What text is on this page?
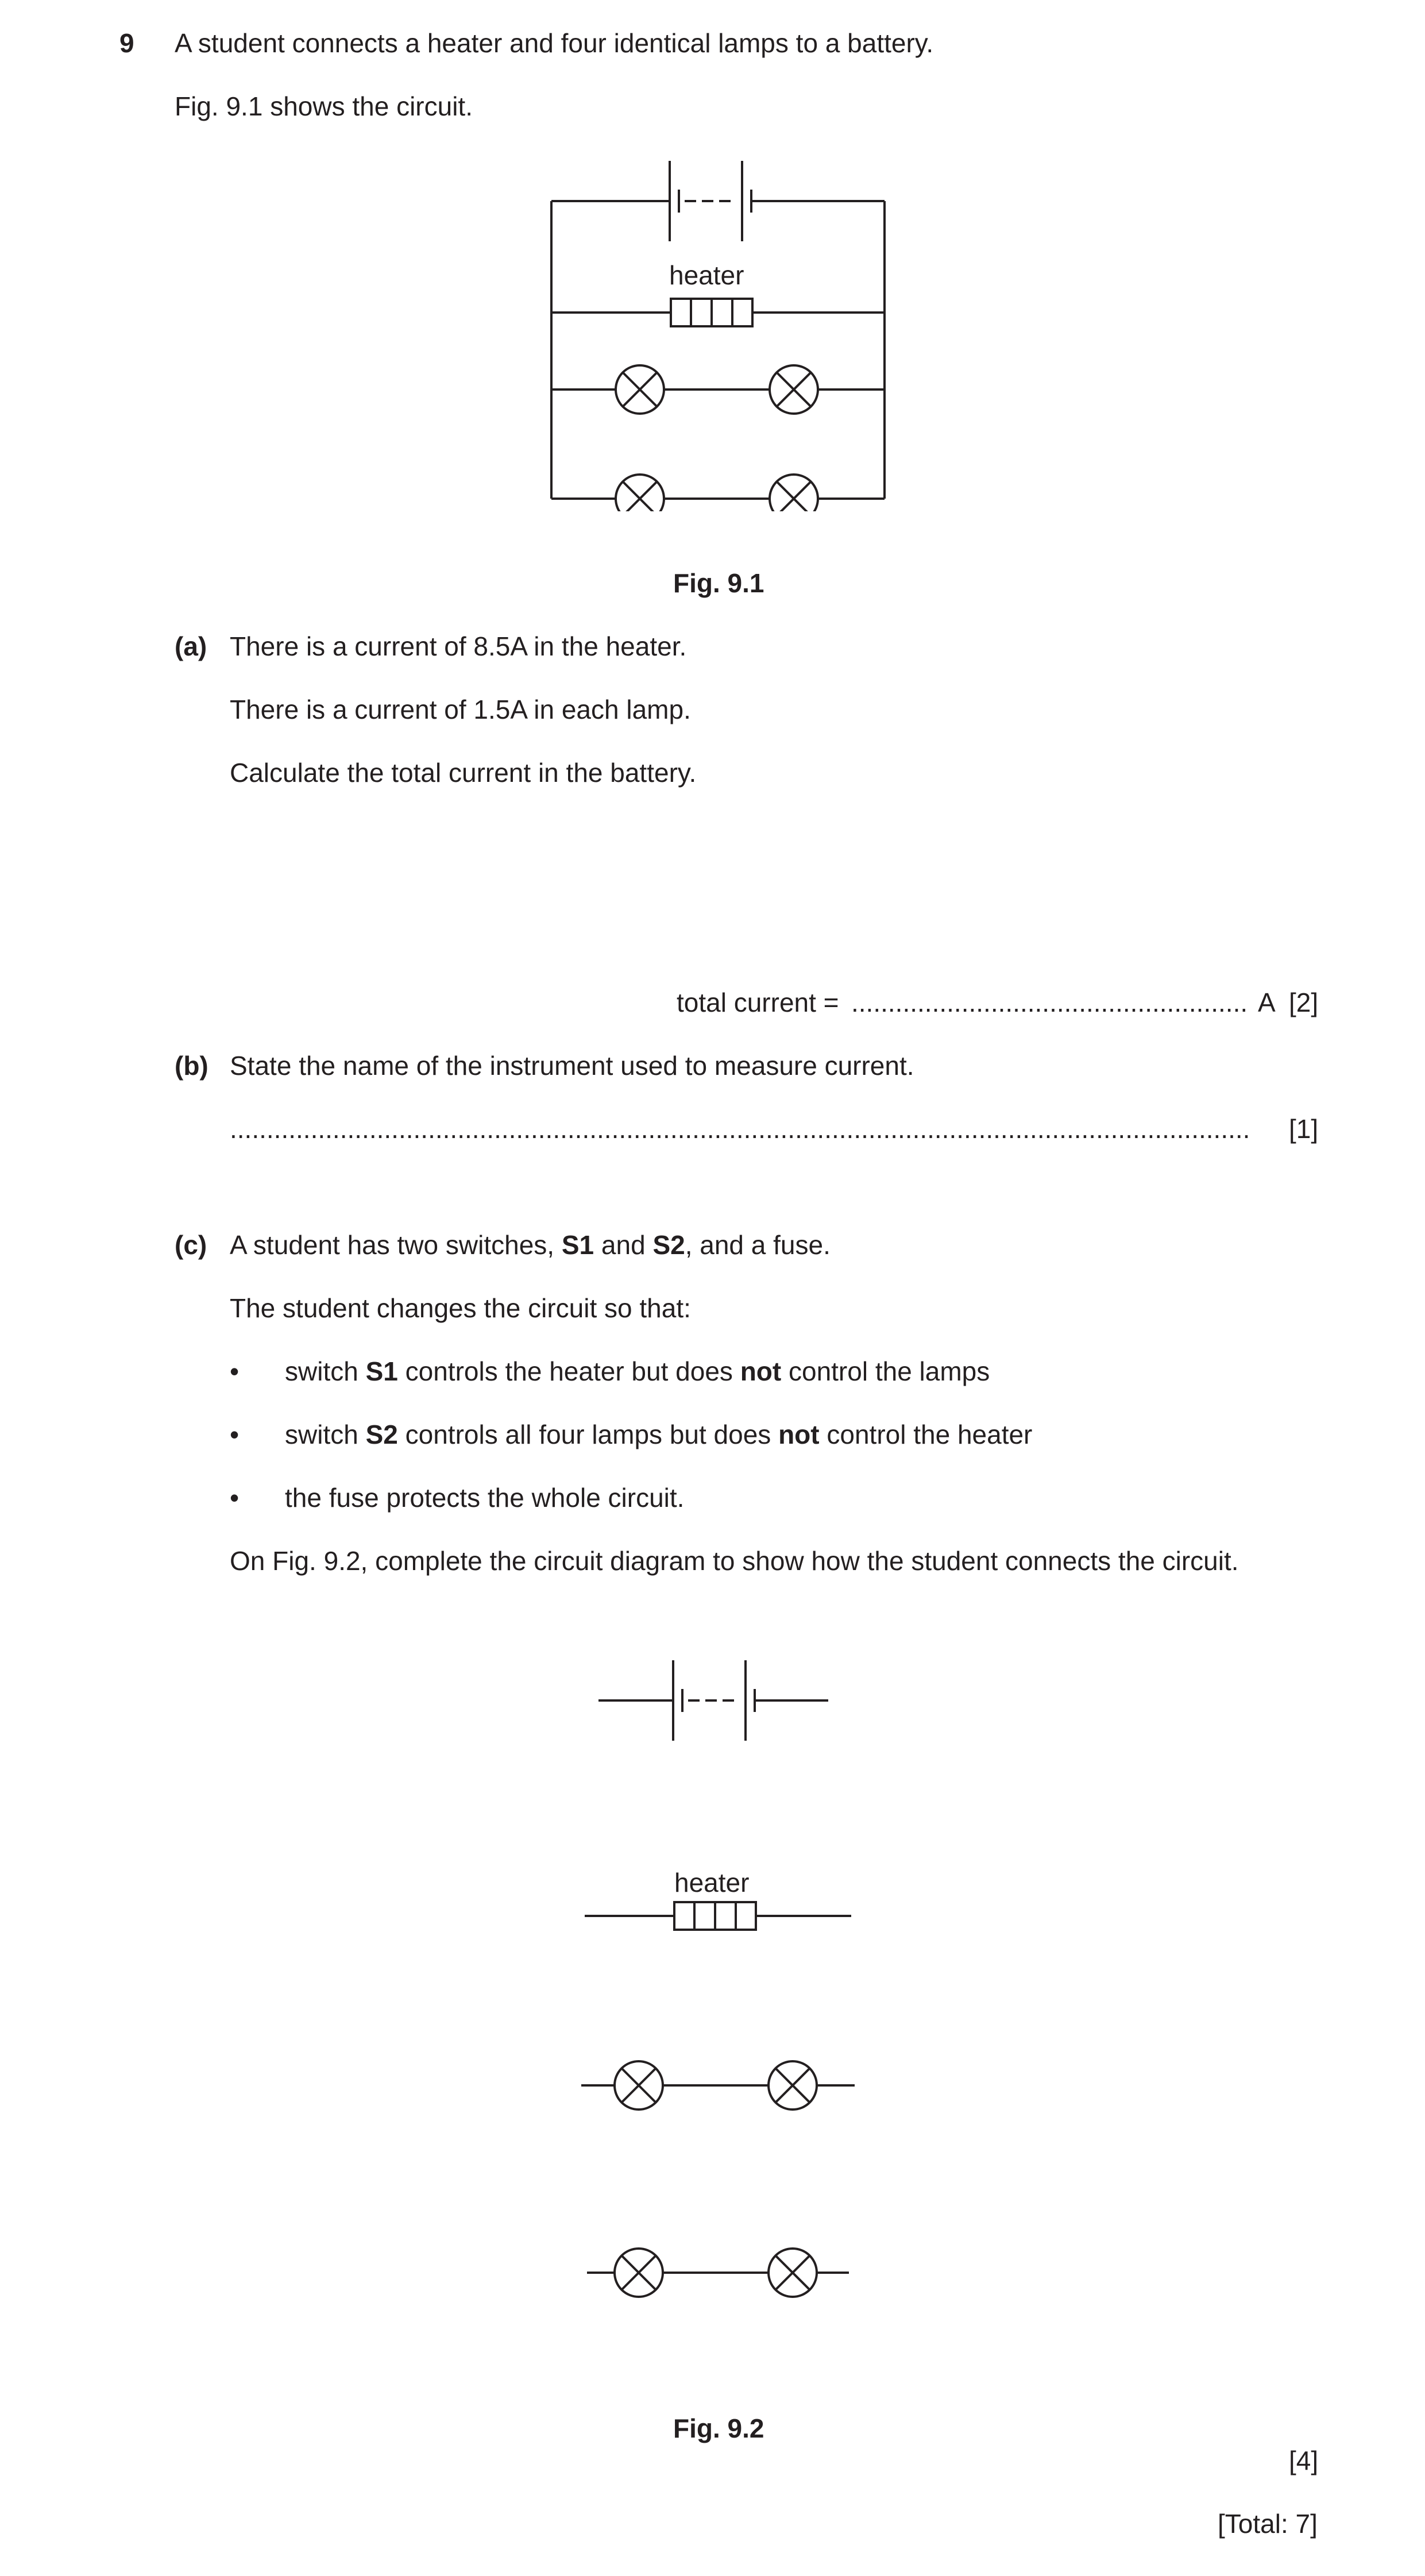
9 A student connects a heater and four identical lamps to a battery.
Fig. 9.1 shows the circuit.
heater
Fig. 9.1
(a) There is a current of 8.5A in the heater.
There is a current of 1.5A in each lamp.
Calculate the total current in the battery.
total current = ...................................................... A [2]
(b) State the name of the instrument used to measure current.
...........................................................................................................................................	[1]
(c) A student has two switches, S1 and S2, and a fuse.
The student changes the circuit so that:
• switch S1 controls the heater but does not control the lamps
• switch S2 controls all four lamps but does not control the heater
• the fuse protects the whole circuit.
On Fig. 9.2, complete the circuit diagram to show how the student connects the circuit.
heater
Fig. 9.2
[4]
[Total: 7]
